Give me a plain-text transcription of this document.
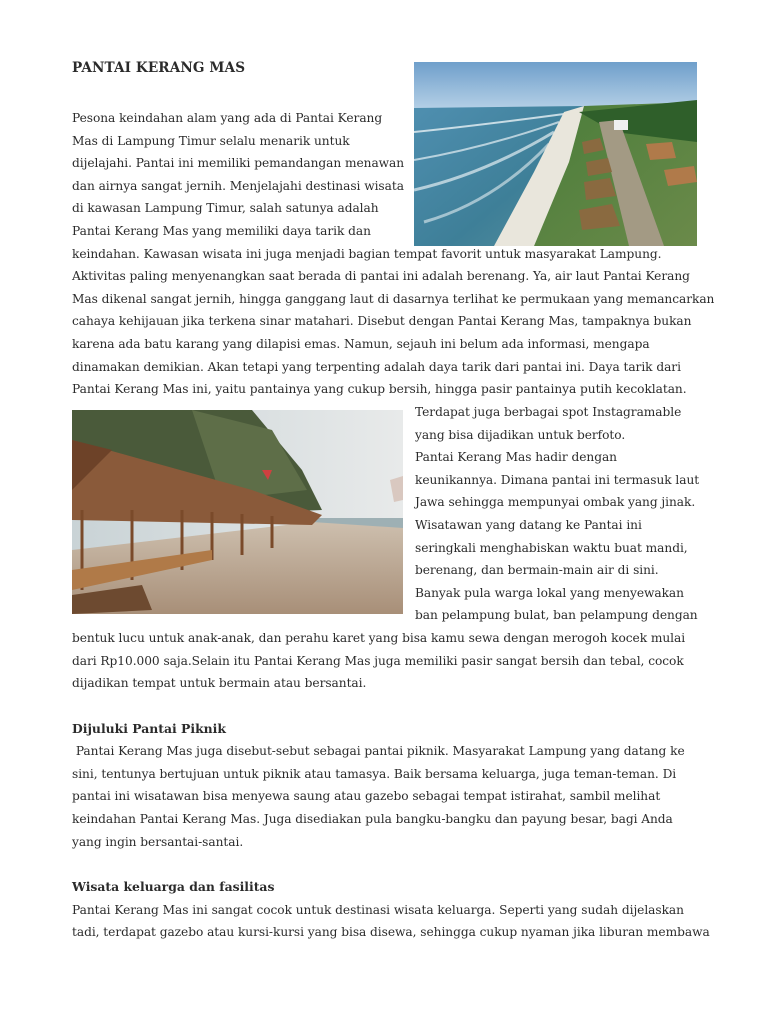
PANTAI KERANG MAS
Pesona keindahan alam yang ada di Pantai Kerang
Mas di Lampung Timur selalu menarik untuk
dijelajahi. Pantai ini memiliki pemandangan menawan
dan airnya sangat jernih. Menjelajahi destinasi wisata
di kawasan Lampung Timur, salah satunya adalah
Pantai Kerang Mas yang memiliki daya tarik dan
keindahan. Kawasan wisata ini juga menjadi bagian tempat favorit untuk masyarakat Lampung.
Aktivitas paling menyenangkan saat berada di pantai ini adalah berenang. Ya, air laut Pantai Kerang
Mas dikenal sangat jernih, hingga ganggang laut di dasarnya terlihat ke permukaan yang memancarkan
cahaya kehijauan jika terkena sinar matahari. Disebut dengan Pantai Kerang Mas, tampaknya bukan
karena ada batu karang yang dilapisi emas. Namun, sejauh ini belum ada informasi, mengapa
dinamakan demikian. Akan tetapi yang terpenting adalah daya tarik dari pantai ini. Daya tarik dari
Pantai Kerang Mas ini, yaitu pantainya yang cukup bersih, hingga pasir pantainya putih kecoklatan.
Terdapat juga berbagai spot Instagramable
yang bisa dijadikan untuk berfoto.
Pantai Kerang Mas hadir dengan
keunikannya. Dimana pantai ini termasuk laut
Jawa sehingga mempunyai ombak yang jinak.
Wisatawan yang datang ke Pantai ini
seringkali menghabiskan waktu buat mandi,
berenang, dan bermain-main air di sini.
Banyak pula warga lokal yang menyewakan
ban pelampung bulat, ban pelampung dengan
bentuk lucu untuk anak-anak, dan perahu karet yang bisa kamu sewa dengan merogoh kocek mulai
dari Rp10.000 saja.Selain itu Pantai Kerang Mas juga memiliki pasir sangat bersih dan tebal, cocok
dijadikan tempat untuk bermain atau bersantai.
Dijuluki Pantai Piknik
Pantai Kerang Mas juga disebut-sebut sebagai pantai piknik. Masyarakat Lampung yang datang ke
sini, tentunya bertujuan untuk piknik atau tamasya. Baik bersama keluarga, juga teman-teman. Di
pantai ini wisatawan bisa menyewa saung atau gazebo sebagai tempat istirahat, sambil melihat
keindahan Pantai Kerang Mas. Juga disediakan pula bangku-bangku dan payung besar, bagi Anda
yang ingin bersantai-santai.
Wisata keluarga dan fasilitas
Pantai Kerang Mas ini sangat cocok untuk destinasi wisata keluarga. Seperti yang sudah dijelaskan
tadi, terdapat gazebo atau kursi-kursi yang bisa disewa, sehingga cukup nyaman jika liburan membawa
